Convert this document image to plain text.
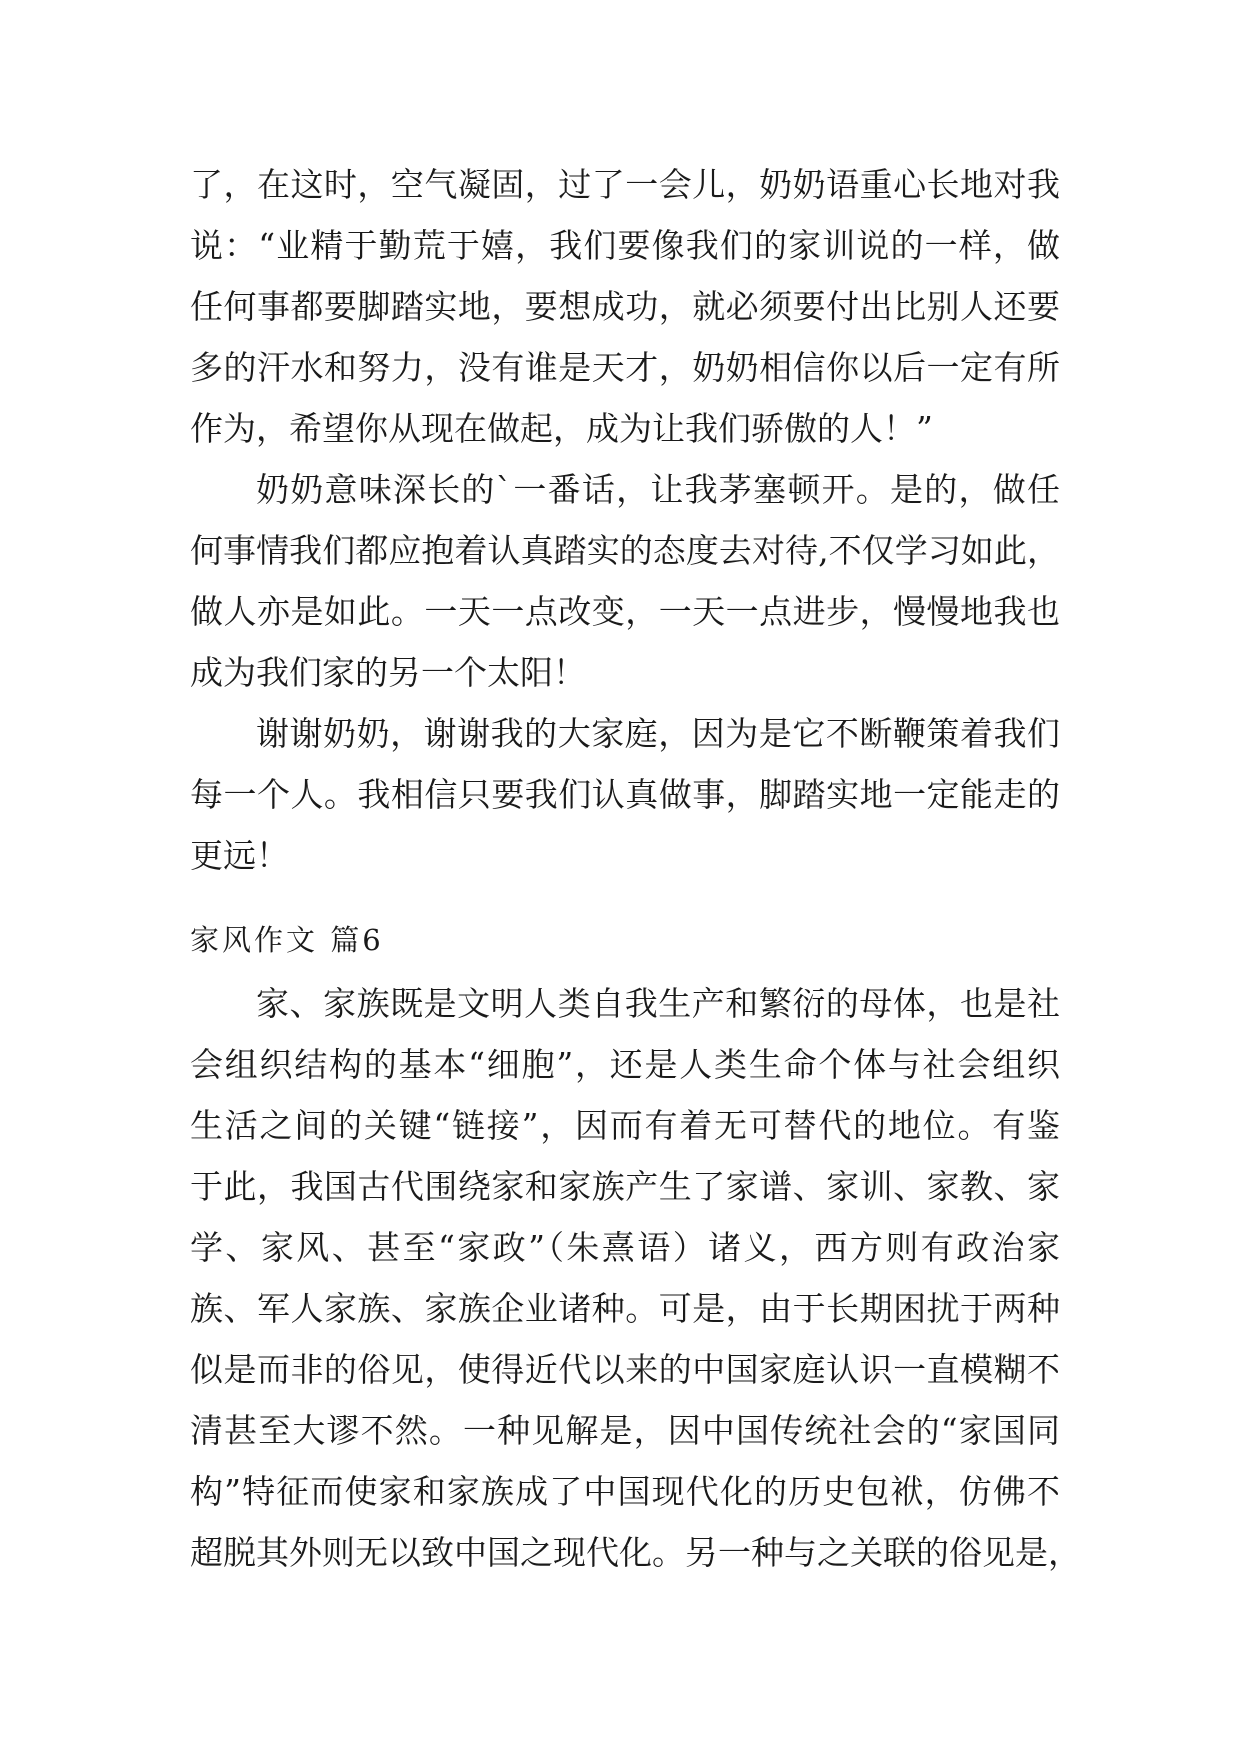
了，在这时，空气凝固，过了一会儿，奶奶语重心长地对我
说：“业精于勤荒于嬉，我们要像我们的家训说的一样，做
任何事都要脚踏实地，要想成功，就必须要付出比别人还要
多的汗水和努力，没有谁是天才，奶奶相信你以后一定有所
作为，希望你从现在做起，成为让我们骄傲的人！”
奶奶意味深长的`一番话，让我茅塞顿开。是的，做任
何事情我们都应抱着认真踏实的态度去对待,不仅学习如此，
做人亦是如此。一天一点改变，一天一点进步，慢慢地我也
成为我们家的另一个太阳！
谢谢奶奶，谢谢我的大家庭，因为是它不断鞭策着我们
每一个人。我相信只要我们认真做事，脚踏实地一定能走的
更远！
家风作文 篇6
家、家族既是文明人类自我生产和繁衍的母体，也是社
会组织结构的基本“细胞”，还是人类生命个体与社会组织
生活之间的关键“链接”，因而有着无可替代的地位。有鉴
于此，我国古代围绕家和家族产生了家谱、家训、家教、家
学、家风、甚至“家政”（朱熹语）诸义，西方则有政治家
族、军人家族、家族企业诸种。可是，由于长期困扰于两种
似是而非的俗见，使得近代以来的中国家庭认识一直模糊不
清甚至大谬不然。一种见解是，因中国传统社会的“家国同
构”特征而使家和家族成了中国现代化的历史包袱，仿佛不
超脱其外则无以致中国之现代化。另一种与之关联的俗见是，
